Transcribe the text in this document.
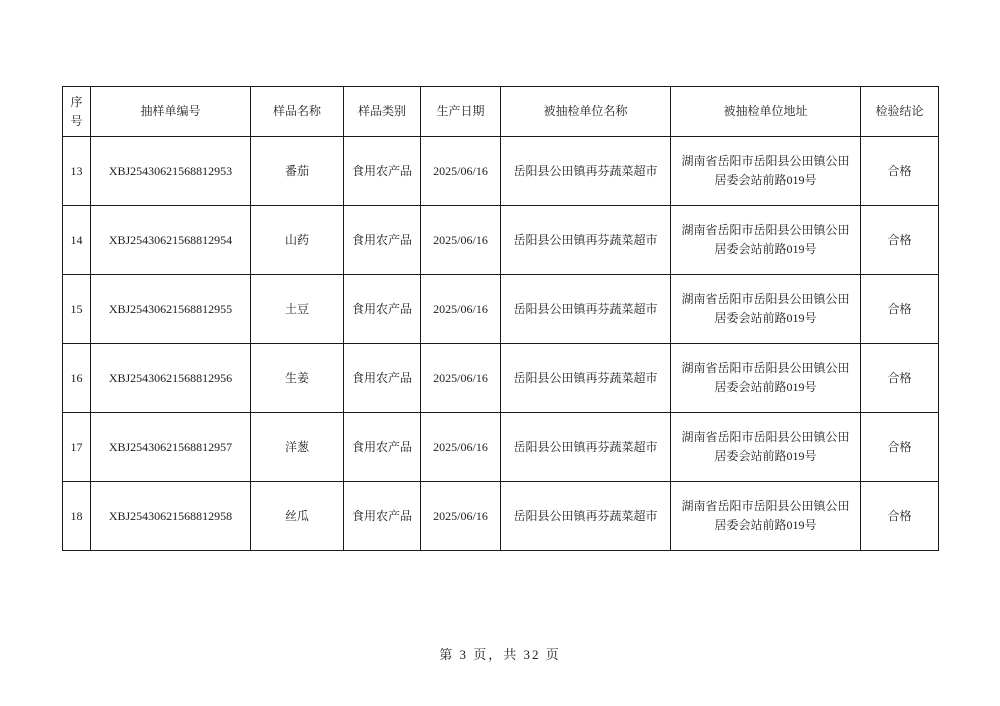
序号	抽样单编号	样品名称	样品类别	生产日期	被抽检单位名称	被抽检单位地址	检验结论
13	XBJ25430621568812953	番茄	食用农产品	2025/06/16	岳阳县公田镇再芬蔬菜超市	湖南省岳阳市岳阳县公田镇公田居委会站前路019号	合格
14	XBJ25430621568812954	山药	食用农产品	2025/06/16	岳阳县公田镇再芬蔬菜超市	湖南省岳阳市岳阳县公田镇公田居委会站前路019号	合格
15	XBJ25430621568812955	土豆	食用农产品	2025/06/16	岳阳县公田镇再芬蔬菜超市	湖南省岳阳市岳阳县公田镇公田居委会站前路019号	合格
16	XBJ25430621568812956	生姜	食用农产品	2025/06/16	岳阳县公田镇再芬蔬菜超市	湖南省岳阳市岳阳县公田镇公田居委会站前路019号	合格
17	XBJ25430621568812957	洋葱	食用农产品	2025/06/16	岳阳县公田镇再芬蔬菜超市	湖南省岳阳市岳阳县公田镇公田居委会站前路019号	合格
18	XBJ25430621568812958	丝瓜	食用农产品	2025/06/16	岳阳县公田镇再芬蔬菜超市	湖南省岳阳市岳阳县公田镇公田居委会站前路019号	合格
第 3 页，共 32 页
